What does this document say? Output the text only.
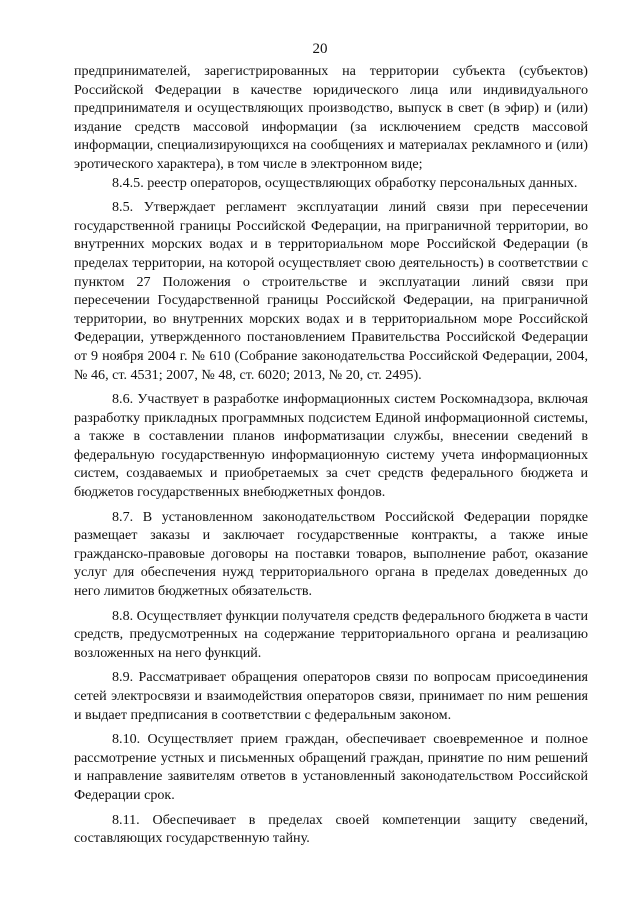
20

предпринимателей, зарегистрированных на территории субъекта (субъектов) Российской Федерации в качестве юридического лица или индивидуального предпринимателя и осуществляющих производство, выпуск в свет (в эфир) и (или) издание средств массовой информации (за исключением средств массовой информации, специализирующихся на сообщениях и материалах рекламного и (или) эротического характера), в том числе в электронном виде;

8.4.5. реестр операторов, осуществляющих обработку персональных данных.

8.5. Утверждает регламент эксплуатации линий связи при пересечении государственной границы Российской Федерации, на приграничной территории, во внутренних морских водах и в территориальном море Российской Федерации (в пределах территории, на которой осуществляет свою деятельность) в соответствии с пунктом 27 Положения о строительстве и эксплуатации линий связи при пересечении Государственной границы Российской Федерации, на приграничной территории, во внутренних морских водах и в территориальном море Российской Федерации, утвержденного постановлением Правительства Российской Федерации от 9 ноября 2004 г. № 610 (Собрание законодательства Российской Федерации, 2004, № 46, ст. 4531; 2007, № 48, ст. 6020; 2013, № 20, ст. 2495).

8.6. Участвует в разработке информационных систем Роскомнадзора, включая разработку прикладных программных подсистем Единой информационной системы, а также в составлении планов информатизации службы, внесении сведений в федеральную государственную информационную систему учета информационных систем, создаваемых и приобретаемых за счет средств федерального бюджета и бюджетов государственных внебюджетных фондов.

8.7. В установленном законодательством Российской Федерации порядке размещает заказы и заключает государственные контракты, а также иные гражданско-правовые договоры на поставки товаров, выполнение работ, оказание услуг для обеспечения нужд территориального органа в пределах доведенных до него лимитов бюджетных обязательств.

8.8. Осуществляет функции получателя средств федерального бюджета в части средств, предусмотренных на содержание территориального органа и реализацию возложенных на него функций.

8.9. Рассматривает обращения операторов связи по вопросам присоединения сетей электросвязи и взаимодействия операторов связи, принимает по ним решения и выдает предписания в соответствии с федеральным законом.

8.10. Осуществляет прием граждан, обеспечивает своевременное и полное рассмотрение устных и письменных обращений граждан, принятие по ним решений и направление заявителям ответов в установленный законодательством Российской Федерации срок.

8.11. Обеспечивает в пределах своей компетенции защиту сведений, составляющих государственную тайну.
